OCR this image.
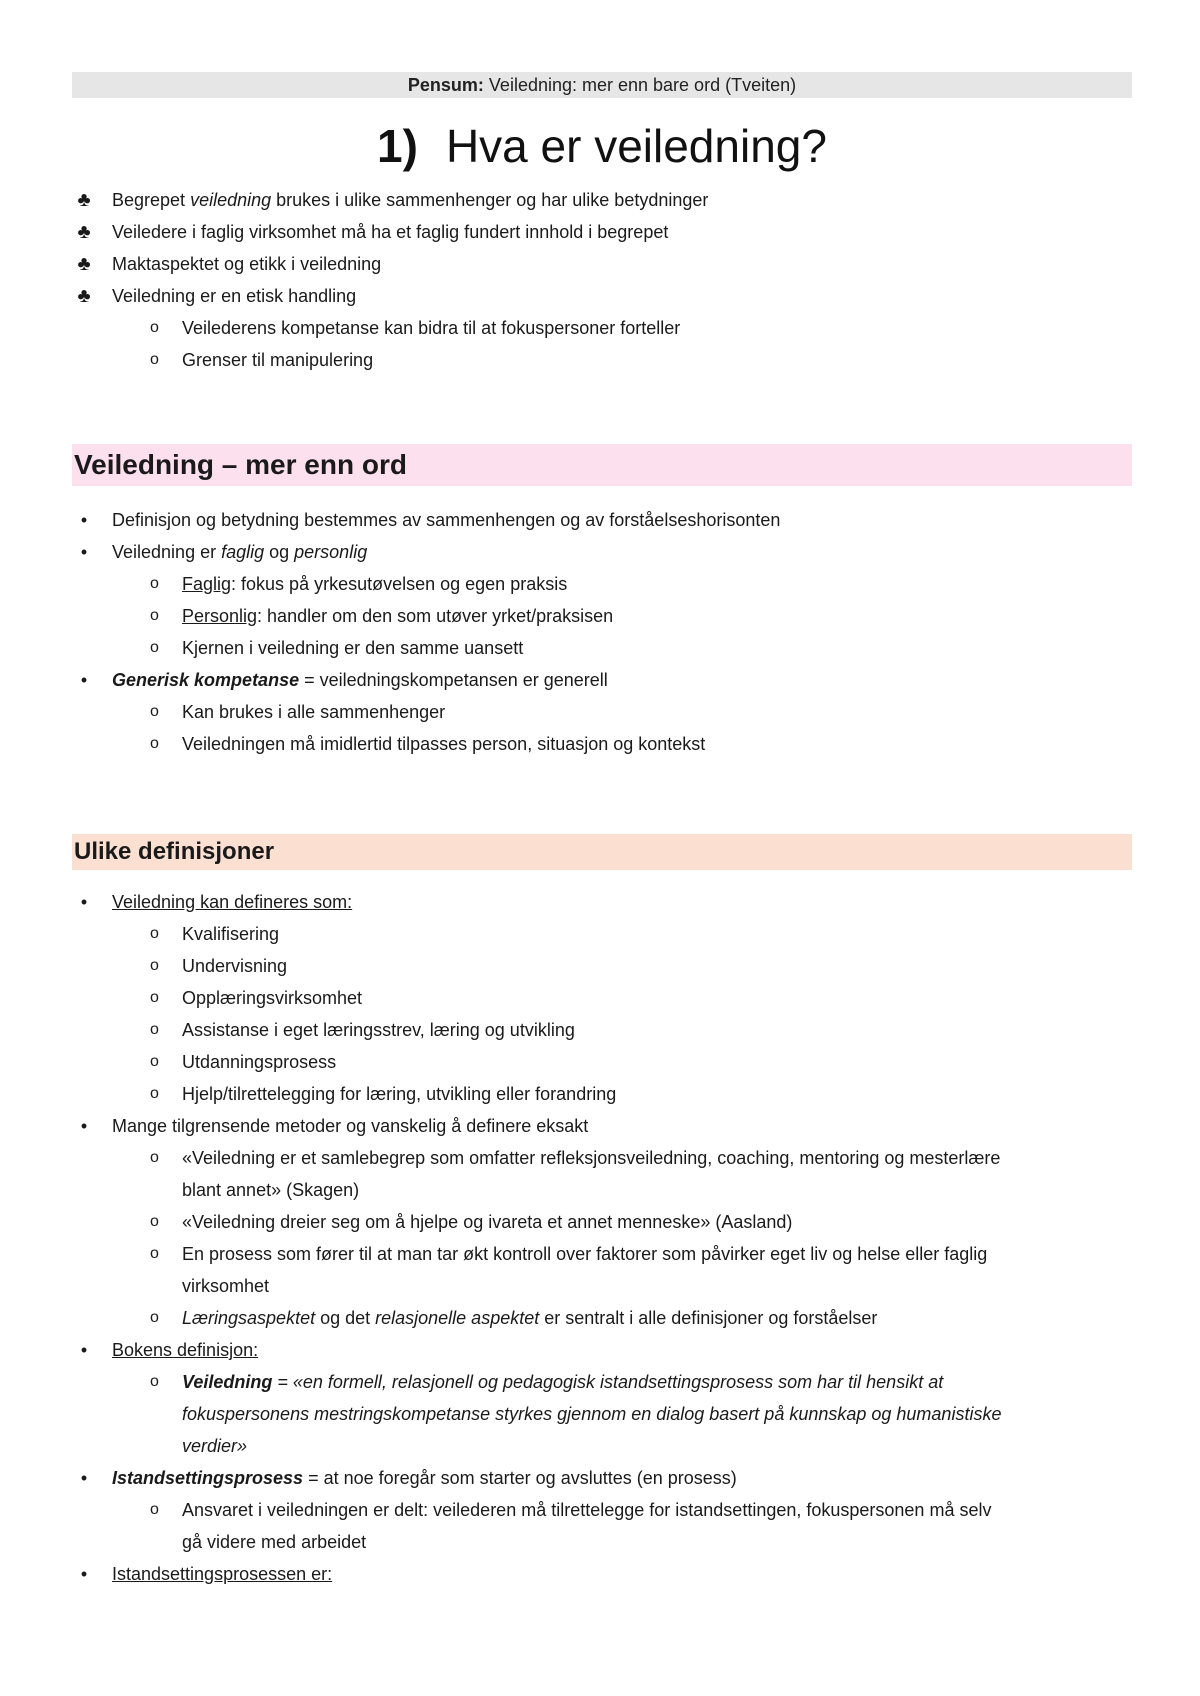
Pensum: Veiledning: mer enn bare ord (Tveiten)
1) Hva er veiledning?
♣	Begrepet veiledning brukes i ulike sammenhenger og har ulike betydninger
♣	Veiledere i faglig virksomhet må ha et faglig fundert innhold i begrepet
♣	Maktaspektet og etikk i veiledning
♣	Veiledning er en etisk handling
o Veilederens kompetanse kan bidra til at fokuspersoner forteller
o Grenser til manipulering
Veiledning – mer enn ord
•	Definisjon og betydning bestemmes av sammenhengen og av forståelseshorisonten
•	Veiledning er faglig og personlig
o Faglig: fokus på yrkesutøvelsen og egen praksis
o Personlig: handler om den som utøver yrket/praksisen
o Kjernen i veiledning er den samme uansett
•	Generisk kompetanse = veiledningskompetansen er generell
o Kan brukes i alle sammenhenger
o Veiledningen må imidlertid tilpasses person, situasjon og kontekst
Ulike definisjoner
•	Veiledning kan defineres som:
o Kvalifisering
o Undervisning
o Opplæringsvirksomhet
o Assistanse i eget læringsstrev, læring og utvikling
o Utdanningsprosess
o Hjelp/tilrettelegging for læring, utvikling eller forandring
•	Mange tilgrensende metoder og vanskelig å definere eksakt
o «Veiledning er et samlebegrep som omfatter refleksjonsveiledning, coaching, mentoring og mesterlære
blant annet» (Skagen)
o «Veiledning dreier seg om å hjelpe og ivareta et annet menneske» (Aasland)
o En prosess som fører til at man tar økt kontroll over faktorer som påvirker eget liv og helse eller faglig
virksomhet
o Læringsaspektet og det relasjonelle aspektet er sentralt i alle definisjoner og forståelser
•	Bokens definisjon:
o Veiledning = «en formell, relasjonell og pedagogisk istandsettingsprosess som har til hensikt at
fokuspersonens mestringskompetanse styrkes gjennom en dialog basert på kunnskap og humanistiske
verdier»
•	Istandsettingsprosess = at noe foregår som starter og avsluttes (en prosess)
o Ansvaret i veiledningen er delt: veilederen må tilrettelegge for istandsettingen, fokuspersonen må selv
gå videre med arbeidet
•	Istandsettingsprosessen er:
